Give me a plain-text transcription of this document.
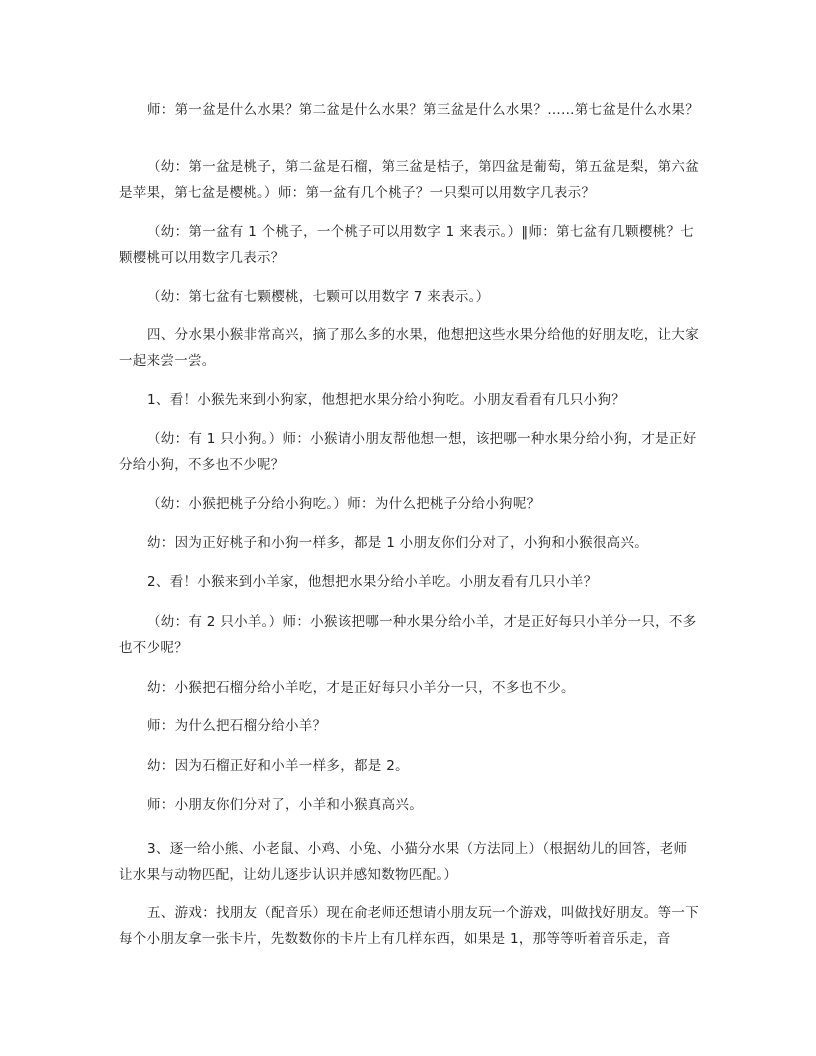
师：第一盆是什么水果？第二盆是什么水果？第三盆是什么水果？……第七盆是什么水果？

（幼：第一盆是桃子，第二盆是石榴，第三盆是桔子，第四盆是葡萄，第五盆是梨，第六盆是苹果，第七盆是樱桃。）师：第一盆有几个桃子？一只梨可以用数字几表示？

（幼：第一盆有 1 个桃子，一个桃子可以用数字 1 来表示。）‖师：第七盆有几颗樱桃？七颗樱桃可以用数字几表示？

（幼：第七盆有七颗樱桃，七颗可以用数字 7 来表示。）

四、分水果小猴非常高兴，摘了那么多的水果，他想把这些水果分给他的好朋友吃，让大家一起来尝一尝。

1、看！小猴先来到小狗家，他想把水果分给小狗吃。小朋友看看有几只小狗？

（幼：有 1 只小狗。）师：小猴请小朋友帮他想一想，该把哪一种水果分给小狗，才是正好分给小狗，不多也不少呢？

（幼：小猴把桃子分给小狗吃。）师：为什么把桃子分给小狗呢？

幼：因为正好桃子和小狗一样多，都是 1 小朋友你们分对了，小狗和小猴很高兴。

2、看！小猴来到小羊家，他想把水果分给小羊吃。小朋友看有几只小羊？

（幼：有 2 只小羊。）师：小猴该把哪一种水果分给小羊，才是正好每只小羊分一只，不多也不少呢？

幼：小猴把石榴分给小羊吃，才是正好每只小羊分一只，不多也不少。

师：为什么把石榴分给小羊？

幼：因为石榴正好和小羊一样多，都是 2。

师：小朋友你们分对了，小羊和小猴真高兴。

3、逐一给小熊、小老鼠、小鸡、小兔、小猫分水果（方法同上）（根据幼儿的回答，老师让水果与动物匹配，让幼儿逐步认识并感知数物匹配。）

五、游戏：找朋友（配音乐）现在俞老师还想请小朋友玩一个游戏，叫做找好朋友。等一下每个小朋友拿一张卡片，先数数你的卡片上有几样东西，如果是 1，那等等听着音乐走，音
